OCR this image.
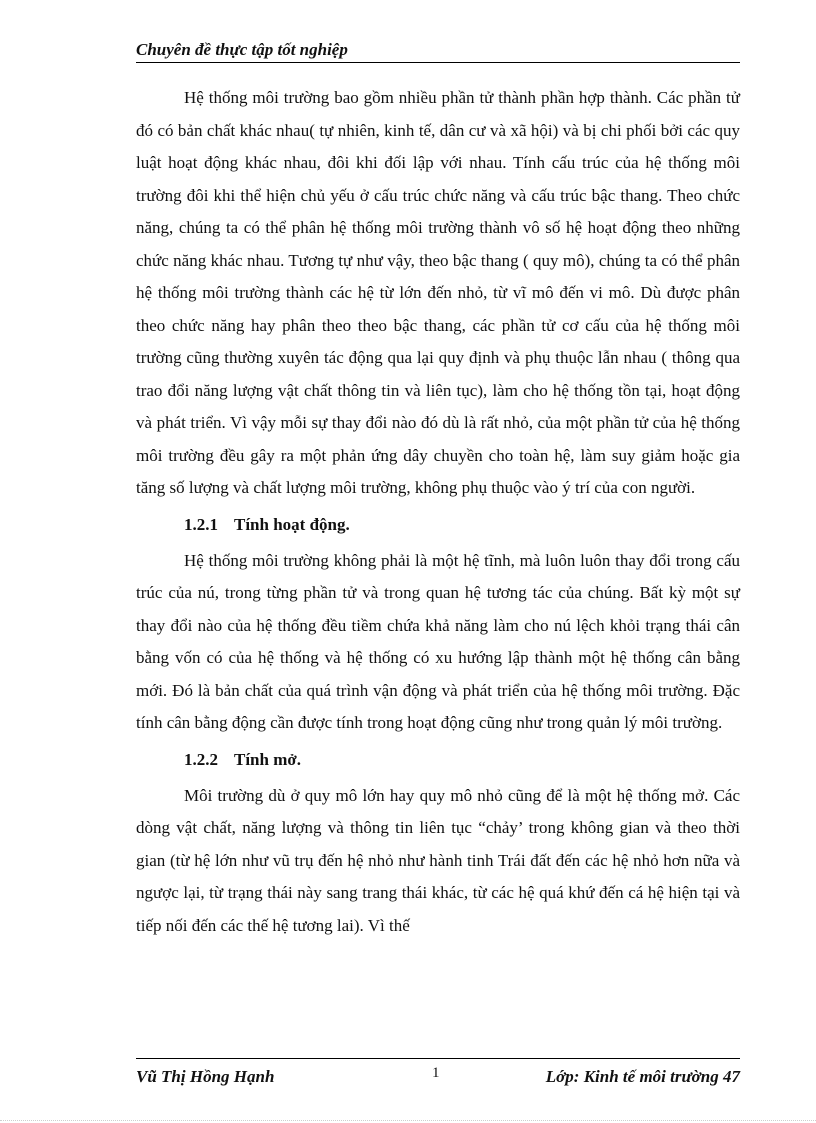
Chuyên đề thực tập tốt nghiệp

Hệ thống môi trường bao gồm nhiều phần tử thành phần hợp thành. Các phần tử đó có bản chất khác nhau( tự nhiên, kinh tế, dân cư và xã hội) và bị chi phối bởi các quy luật hoạt động khác nhau, đôi khi đối lập với nhau. Tính cấu trúc của hệ thống môi trường đôi khi thể hiện chủ yếu ở cấu trúc chức năng và cấu trúc bậc thang. Theo chức năng, chúng ta có thể phân hệ thống môi trường thành vô số hệ hoạt động theo những chức năng khác nhau. Tương tự như vậy, theo bậc thang ( quy mô), chúng ta có thể phân hệ thống môi trường thành các hệ từ lớn đến nhỏ, từ vĩ mô đến vi mô. Dù được phân theo chức năng hay phân theo theo bậc thang, các phần tử cơ cấu của hệ thống môi trường cũng thường xuyên tác động qua lại quy định và phụ thuộc lẫn nhau ( thông qua trao đổi năng lượng vật chất thông tin và liên tục), làm cho hệ thống tồn tại, hoạt động và phát triển. Vì vậy mỗi sự thay đổi nào đó dù là rất nhỏ, của một phần tử của hệ thống môi trường đều gây ra một phản ứng dây chuyền cho toàn hệ, làm suy giảm hoặc gia tăng số lượng và chất lượng môi trường, không phụ thuộc vào ý trí của con người.

1.2.1 Tính hoạt động.

Hệ thống môi trường không phải là một hệ tĩnh, mà luôn luôn thay đổi trong cấu trúc của nú, trong từng phần tử và trong quan hệ tương tác của chúng. Bất kỳ một sự thay đổi nào của hệ thống đều tiềm chứa khả năng làm cho nú lệch khỏi trạng thái cân bằng vốn có của hệ thống và hệ thống có xu hướng lập thành một hệ thống cân bằng mới. Đó là bản chất của quá trình vận động và phát triển của hệ thống môi trường. Đặc tính cân bằng động cần được tính trong hoạt động cũng như trong quản lý môi trường.

1.2.2 Tính mở.

Môi trường dù ở quy mô lớn hay quy mô nhỏ cũng để là một hệ thống mở. Các dòng vật chất, năng lượng và thông tin liên tục “chảy’ trong không gian và theo thời gian (từ hệ lớn như vũ trụ đến hệ nhỏ như hành tinh Trái đất đến các hệ nhỏ hơn nữa và ngược lại, từ trạng thái này sang trang thái khác, từ các hệ quá khứ đến cá hệ hiện tại và tiếp nối đến các thế hệ tương lai). Vì thế

Vũ Thị Hồng Hạnh	1	Lớp: Kinh tế môi trường 47
